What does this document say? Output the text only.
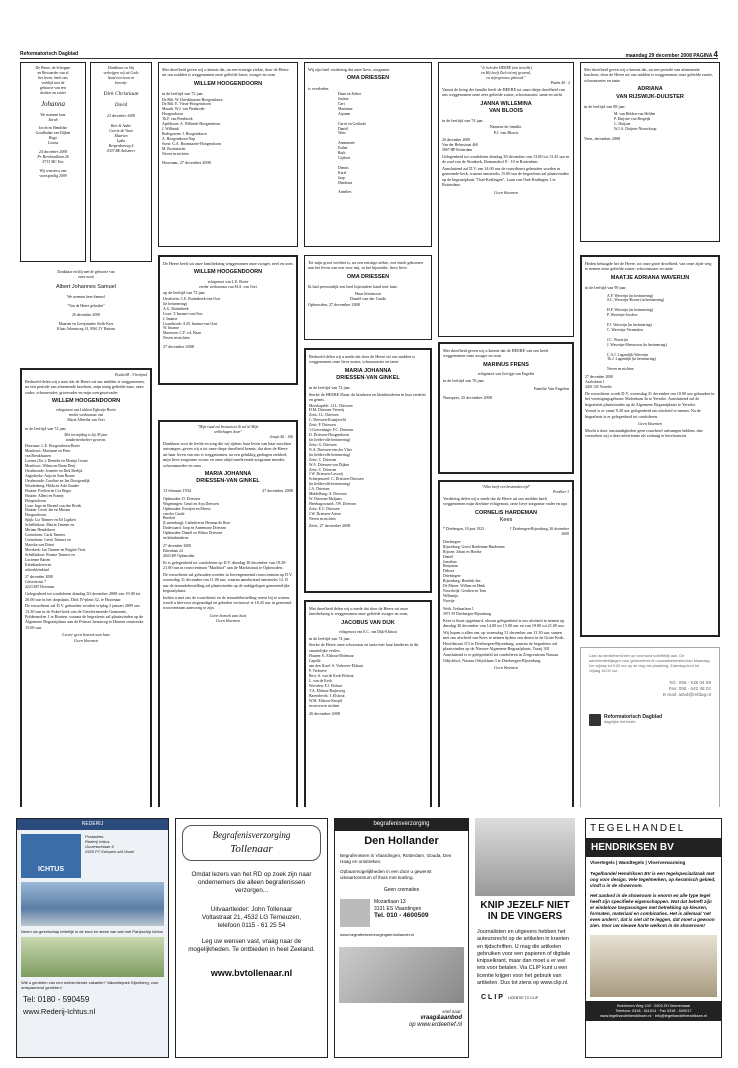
Reformatorisch Dagblad	maandag 29 december 2008 PAGINA 4
De Heere, de Schepper
en Bewaarder van al
het leven, heeft ons
verblijd met de
geboorte van een
dochter en zuster
Johanna
We noemen haar
Sarah
Jacob en Hendrike
Goudbalan-van Dijken
Hugo
Louisa
24 december 2008
Pr. Bernhardlaan 26
8713 MC Ens
Wij wensen u een
voorspoedig 2009
Dankbaar en blij
verkrijgen wij uit Gods
hand een zoon en
broertje
Dirk Christiaan
David
23 december 2008
Bert & Ankie
Geerts-de Vaan
Maarten
Lydia
Bergerdenweg 4
4307 BE Aalsmeer
Dankbaar en blij met de geboorte van
onze zoon
Albert Johannes Samuel
We noemen hem Samuel
"Van de Heere geboden"
26 december 2008
Maarten en Geerjanneke Stolk-Kers
Klaas Adamsweg 14, 8061 JV Hattem
Psalm 68 : 9 berijmd
Bedroefd delen wij u mee dat de Heere uit ons midden is weggenomen, na een periode van afnemende krachten, mijn innig geliefde man, onze vader, schoonvader, grootvader en mijn overgrootvader
WILLEM HOOGENDOORN
echtgenoot van Lubbert Egbertje Boote
eerder weduwnaar van
Maria Albertha van Oort
in de leeftijd van 72 jaar.
Met toewijding is hij 38 jaar
tandartsenbeheer geweest.
Hoornaar: L.E. Hoogendoorn-Boote
Montfoort: Marianne en Peter
van Breukhuizen
Loenen (Utr.): Dieneke en Martijn Geuze
Montfoort: Wilma en Bram Derij
IJsselmonde: Jeanette en Dirk Beelijk
Aagtekerke: Anja en Sam Boone
IJsselmonde: Caroline en Jan Droogendijk
Woudenberg: Hilda en Adri Zandee
Houten: Evelien en Cor Heger
Houten: Albert en Franny
Hoogendoorn
Lisse: Inge en Barend van den Broek
Houten: Gerrit Jan en Miriam
Hoogendoorn
Spijk: Liz Timmer en Ed Ligthert
Schellinkout: Martin Timmer en
Miriam Hendriksen
Gorinchem: Carla Timmer
Gorinchem: Gerrit Timmer en
Mariska van Driest
Meerkerk: Jan Timmer en Brigitte Tietz
Schellinkout: Ronnie Timmer en
Lucienne Barten
Kleinkinderen en
achterkleinkind
27 december 2008
Gieserstraat 7
4223 MT Hoornaar
Gelegenheid tot condoleren dinsdag 30 december 2008 van 19.00 tot 20.00 uur in het dorpshuis, Dirk IV-plein 32, te Hoornaar.
De rouwdienst zal D.V. gehouden worden vrijdag 2 januari 2009 om 13.30 uur in de Eskel-kerk van de Gereformeerde Gemeente, Poldermolen 1 te Houten, waarna de begrafenis zal plaatsvinden op de Algemene Begraafplaats aan de Prinses Irenaweg te Houten omstreeks 15.00 uur.
Liever geen bezoek aan huis
Geen bloemen
Met droefheid geven wij u kennis dat, na een ernstige ziekte, door de Heere uit ons midden is weggenomen onze geliefde broer, zwager en oom
WILLEM HOOGENDOORN
in de leeftijd van 72 jaar.
De Bilt: W. Drieskhuizen-Hoogendoorn
De Bilt: E. Visser-Hoogendoorn
Maartk: W.J. van Pienbroek-
Hoogendoorn
Th.F. van Pienbroek
Apeldoorn: A. Wilbrink-Hoogendoorn
J. Wilbrink
Bodegraven: J. Hoogendoorn
A. Hoogendoorn-Nap
Soest: G.A. Boomzazier-Hoogendoorn
M. Boomzazier
Neven en nichten
Hoornaar, 27 december 2008
De Heere heeft uit onze familiekring weggenomen onze zwager, neef en oom
WILLEM HOOGENDOORN
echtgenoot van L.E. Boote
eerder weduwnaar van M.A. van Oort
op de leeftijd van 72 jaar.
IJsselstein: C.E. Ruitenbeek-van Oort
(in herinnering)
A.G. Ruitenbeek
Lisse: T. Imanse-van Oort
J. Imanse
Lisserbroek: A.M. Imanse-van Oort
W. Imanse
Maarssen: C.F. v.d. Baan
Neven en nichten
27 december 2008
"Mijn raad zal bestaan en Ik zal al Mijn
welbehagen doen"
Jesaja 46 : 10b
Dankbaar voor de liefde en zorg die wij tijdens haar leven van haar mochten ontvangen, geven wij u tot onze diepe droefheid kennis, dat door de Heere uit haar leven van ons is weggenomen, na een gelukkig gedragen ziekbed, mijn lieve zorgzame vrouw en onze altijd meelevende zorgzame moeder, schoonmoeder en oma
MARIA JOHANNA
DRIESSEN-VAN GINKEL
13 februari 1934	27 december 2008
Opheusden: D. Driessen
Wageningen: Geurt en Arja Driessen
Opheusden: Evertjen en Meeus
van der Garde
Beedorf
(Luxemburg): Cathelien en Herman de Boer
Dodewaard: Joop en Annemarie Driessen
Opheusden: Daniël en Wilma Driessen
en kleinkinderen
27 december 2008
Eikenlaan 24
4043 KP Opheusden
Er is gelegenheid tot condoleren op D.V. dinsdag 30 december van 19.30-21.00 uur in rouwcentrum "Markhof" aan de Marktstraat te Opheusden.
De rouwdienst zal gehouden worden in bovengenoemd rouwcentrum op D.V. woensdag 31 december om 11.00 uur, waarna aansluitend omstreeks 12.15 uur de teraardebestelling zal plaatsvinden op de nabijgelegen gemeentelijke begraafplaats.
Indien u met ons de rouwdienst en de teraardebestelling wenst bij te wonen, wordt u hiervoor uitgenodigd en gebeden vertrouwt te 10.45 uur in genoemd rouwcentrum aanwezig te zijn.
Geen bezoek aan huis
Geen bloemen
Wij zijn heel verdrietig dat onze lieve, zorgzame
OMA DRIESSEN
is overleden.
Daan en Esther
Justine
Gert
Marianne
Arjanne

Gerrit en Gerlinda
Daniël
Wim

Annemarie
Esther
Ruth
Gijsbert

Dennis
Karel
Jaap
Hendrina

Annelies
Tot mijn groot verdriet is, na een ernstige ziekte, een einde gekomen aan het leven van een voor mij, in het bijzonder, lieve lieve
OMA DRIESSEN
Ik had persoonlijk een heel bijzondere band met haar.
Haar kleinzoon
Daniël van der Garde
Opheusden, 27 december 2008
Bedroefd delen wij u mede dat door de Heere uit ons midden is weggenomen onze lieve zuster, schoonzuster en tante
MARIA JOHANNA
DRIESSEN-VAN GINKEL
in de leeftijd van 74 jaar.
Sterke de HEERE Daan, de kinderen en kleinkinderen in hun verdriet en gemis.
Moerkapelle: J.J.L. Driessen
H.M. Driessen-Verweij
Zeist: J.L. Driessen
C. Driessen-Kraaijeveld
Zeist: F. Driessen
's-Gravenhage: F.C. Driessen
D. Driessen-Hoogendoorn
(in liefdevolle herinnering)
Zeist: G. Driessen
N.A. Driessen-van der Vliet
(in liefdevolle herinnering)
Zeist: C. Driessen
W.A. Driessen-van Dijken
Zeist: C. Driessen
J.W. Driessen-Lavooij
Scherpenzeel: C. Driessen-Driessen
(in liefdevolle herinnering)
J.A. Driessen
Middelburg: A. Driessen
W. Driessen-Maljaars
Heerhugowaard: J.W. Driessen
Zeist: E.C. Driessen
J.W. Driessen-Artese
Neven en nichten
Zeist, 27 december 2008
Met droefheid delen wij u mede dat door de Heere uit onze familiekring is weggenomen onze geliefde zwager en oom,
JACOBUS VAN DIJK
echtgenoot van E.C. van Dijk-Elshout
in de leeftijd van 74 jaar.
Sterke de Heere onze schoonzus en tante met haar kinderen in dit smartelijke verlies.
Houten: E. Elshout-Molenaar
Capelle
aan den IJssel: S. Verhoeve-Elshout
P. Verhoeve
Best: A. van de Kerk-Elshout
L. van de Kerk
Woerden: F.J. Elshout
T.A. Elshout-Buijteweg
Barendrecht: J. Elshout
W.M. Elshout-Knopff
en neven en nichten
26 december 2008
"Je heb den HEERE (om terwille)
en Hij heeft Zich tot mij gewend,
en mijn gerouw gehoord."
Psalm 40 : 2
Vanuit de kring der familie heeft de HEERE tot onze diepe droefheid van ons weggenomen onze zeer geliefde zuster, schoonzuster, tante en nicht
JANNA WILLEMINA
VAN BLOOIS
in de leeftijd van 74 jaar.
Namens de familie,
P.J. van Bloois
26 december 2008
Van der Helmstraat 460
3067 HP Rotterdam
Gelegenheid tot condoleren dinsdag 30 december van 13.00 tot 13.45 uur in de zaal van de Sionkerk, Romanohof 8 - 10 te Rotterdam.
Aansluitend zal D.V. om 14.00 uur de rouwdienst gehouden worden in genoemde kerk, waarna omstreeks 15.00 uur de begrafenis zal plaatsvinden op de begraafplaats "Oud-Kralingen", Laan van Oud-Kralingen 1 te Rotterdam.
Geen bloemen
Met droefheid geven wij u kennis dat de HEERE van ons heeft weggenomen onze zwager en oom
MARINUS FRENS
echtgenoot van Gerrigje van Engelen
in de leeftijd van 76 jaar.
Familie Van Engelen
Nunspeet, 25 december 2008
"Alles heeft een bestemden tijd"
Prediker 3
Verdrietig delen wij u mede dat de Heere uit ons midden heeft weggenomen mijn dierbare echtgenoot, onze lieve zorgzame vader en opa
CORNELIS HARDEMAN
Kees
* Driebergen, 18 juni 1923	† Driebergen-Rijsenburg, 26 december 2008
Driebergen-
Rijsenburg: Gerrit Hardeman-Hardeman
Rijssen: Johan en Hoteke
Daniël
Jonathan
Benjamin
Debora
Driebergen-
Rijsenburg: Hendrik-Jan
De Meern: Willem en Henk
Noordwijk: Gerdien en Tom
Willemijn
Noortje
Weth. Verhaarlaan 1
3971 PJ Driebergen-Rijsenburg
Kees is thuis opgebaard, alwaar gelegenheid is om afscheid te nemen op dinsdag 30 december van 14.00 tot 15.00 uur en van 19.00 tot 21.00 uur.
Wij hopen u allen om, op woensdag 31 december om 13.30 uur, samen met ons afscheid van Kees te nemen tijdens een dienst in de Grote Kerk, Hoofdstraat 115 te Driebergen-Rijsenburg, waarna de begrafenis zal plaatsvinden op de Nieuwe Algemene Begraafplaats, Traaij 301.
Aansluitend is er gelegenheid tot condoleren in Zorgcentrum Nassau Odijckhof, Nassau Odijcklaan 3 te Driebergen-Rijsenburg.
Geen bloemen
Met droefheid geven wij u kennis dat, na een periode van afnemende krachten, door de Heere uit ons midden is weggenomen onze geliefde zuster, schoonzuster en tante
ADRIANA
VAN RIJSWIJK-DUIJSTER
in de leeftijd van 88 jaar.
M. van Helden-van Helden
P. Duijster-van Bergeijk
C. Duijster
W.J.A. Duijster-Nieuwkoop
Veen, december 2008
Heden behaagde het de Heere, tot onze grote droefheid, van onze zijde weg te nemen onze geliefde zuster, schoonzuster en tante
MAATJE ADRIANA WAVERIJN
in de leeftijd van 90 jaar.
A.F. Waverijn (in herinnering)
S.C. Waverijn-Boone (in herinnering)

H.F. Waverijn (in herinnering)
P. Waverijn-Jacobse

F.J. Waverijn (in herinnering)
C. Waverijn-Vermeulen

J.C. Waverijn
J. Waverijn-Meeuwsen (in herinnering)

C.A.J. Lagendijk-Waverijn
Th.J. Lagendijk (in herinnering)

Neven en nichten
27 december 2008
Azalealaan 1
4401 GR Yerseke
De rouwdienst wordt D.V. woensdag 31 december om 10.00 uur gehouden in het verenigingsgebouw Molenlaan 3a te Yerseke. Aansluitend zal de begrafenis plaatsvinden op de Algemene Begraafplaats te Yerseke.
Vooraf is er vanaf 9.20 uur gelegenheid om afscheid te nemen. Na de begrafenis is er gelegenheid tot condoleren.
Geen bloemen
Mocht u door omstandigheden geen rouwbrief ontvangen hebben, dan verzoeken wij u deze advertentie als zodanig te beschouwen.
Laat uw familieberichten op voorhand schriftelijk aan. De advertentiebijlagen voor gebeurtenis en rouwadvertenties kan Maandag t/m vrijdag tot 9.00 uur op de dag van plaatsing. Zaterdag kunt tot vrijdag 16.00 uur.
Tel.: 055 - 538 04 99
Fax: 055 - 542 48 02
E-mail: advd@refdag.nl
Reformatorisch Dagblad
dagelijks het beste
REDERIJ
ICHTUS
Postadres:
Rederij Ichtus
Ouverturelaan 6
2926 PT Krimpen a/d IJssel
Neem uw gezelschap letterlijk in de boot en steek van wal met Partyschip Ichtus
Wilt u genieten van een welverdiende vakantie? Vakantiepark Kijkelberg; voor ontspannend genieten!
Tel: 0180 - 590459
www.Rederij-Ichtus.nl
Begrafenisverzorging
Tollenaar
Omdat lezers van het RD op zoek zijn naar ondernemers die alleen begrafenissen verzorgen...
Uitvaartleider: John Tollenaar
Voltastraat 21, 4532 LG Terneuzen,
telefoon 0115 - 61 25 54
Leg uw wensen vast, vraag naar de mogelijkheden. Te ontbieden in heel Zeeland.
www.bvtollenaar.nl
begrafenisverzorging
Den Hollander
Begrafenissen in Vlaardingen, Rotterdam, Gouda, Den Haag en omstreken.
Opbaarmogelijkheden in een door u gewenst uitvaartcentrum of thuis met koeling.
Geen crematies
Mozartlaan 13
3131 ES Vlaardingen
Tel. 010 - 4600509
www.begrafenisverzorgingdenhollander.nl
snel naar:
vraag&aanbod
op www.erdeetref.nl
KNIP JEZELF NIET
IN DE VINGERS
Journalisten en uitgevers hebben het auteursrecht op de artikelen in kranten en tijdschriften. U mag die artikelen gebruiken voor een papieren of digitale knipselkrant, maar dan moet u er wel iets voor betalen. Via CLIP kunt u een licentie krijgen voor het gebruik van artikelen. Dus tot ziens op www.clip.nl.
CLIP LICENTIE TO CLIP
TEGELHANDEL
HENDRIKSEN BV
Vloertegels | Wandtegels | Vloerverwarming
Tegelhandel Hendriksen BV is een tegelspeciaalzaak met oog voor design. Vele tegelmerken, op keramisch gebied, vindt u in de showroom.
Het aanbod in de showroom is enorm en alle type tegel heeft zijn specifieke eigenschappen. Wat dat betreft zijn er eindeloze toepassingen met betrekking op kleuren, formaten, materiaal en combinaties. Het is allemaal 'net even anders', dat is niet uit te leggen, dat moet u gewoon zien. Voor uw nieuwe harte welkom in de showroom!
Boerheem Weg 102 · 2903 ZH Veenendaal
Telefoon: 0318 - 511514 · Fax 0318 - 500017
www.tegelhandelhendriksen.nl · info@tegelhandelhendriksen.nl
